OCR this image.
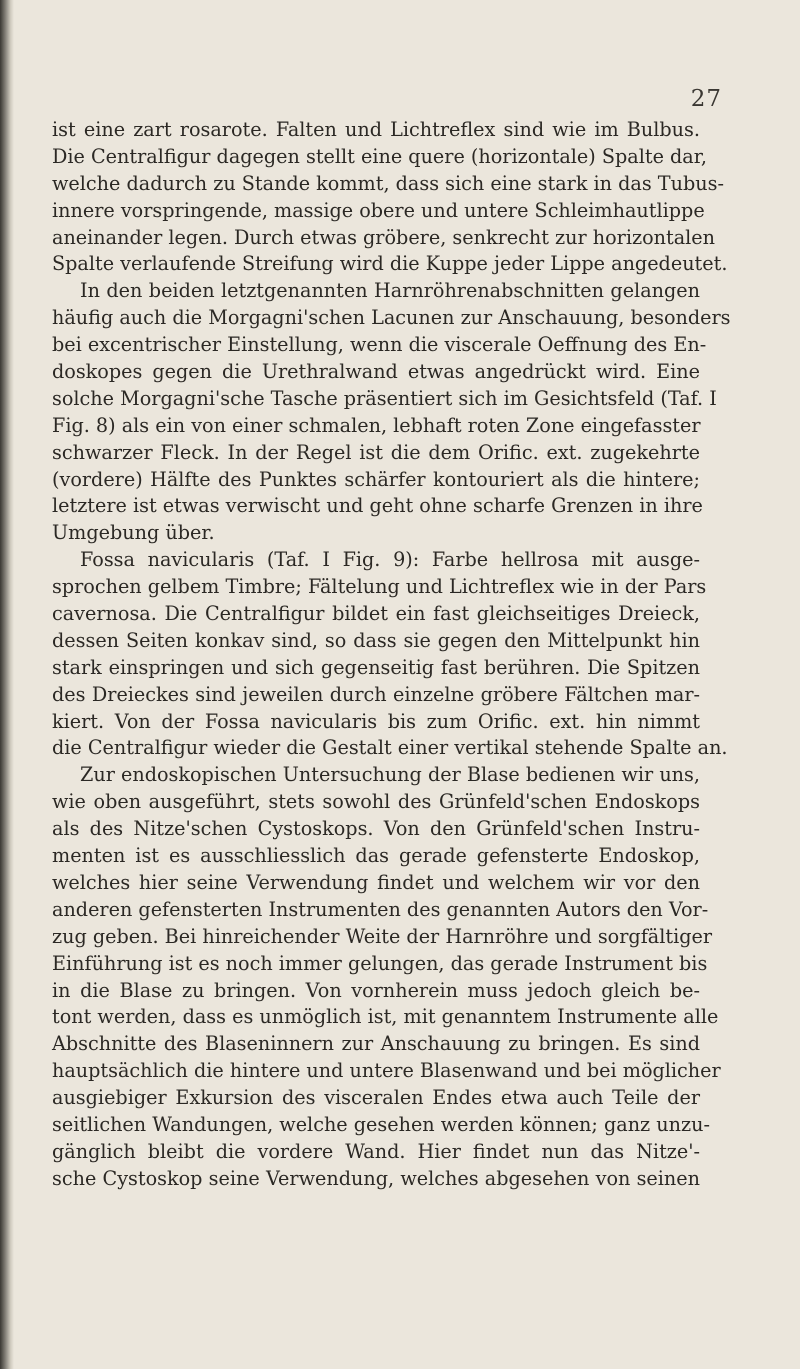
27
ist eine zart rosarote. Falten und Lichtreflex sind wie im Bulbus.
Die Centralfigur dagegen stellt eine quere (horizontale) Spalte dar,
welche dadurch zu Stande kommt, dass sich eine stark in das Tubus-
innere vorspringende, massige obere und untere Schleimhautlippe
aneinander legen. Durch etwas gröbere, senkrecht zur horizontalen
Spalte verlaufende Streifung wird die Kuppe jeder Lippe angedeutet.
In den beiden letztgenannten Harnröhrenabschnitten gelangen
häufig auch die Morgagni'schen Lacunen zur Anschauung, besonders
bei excentrischer Einstellung, wenn die viscerale Oeffnung des En-
doskopes gegen die Urethralwand etwas angedrückt wird. Eine
solche Morgagni'sche Tasche präsentiert sich im Gesichtsfeld (Taf. I
Fig. 8) als ein von einer schmalen, lebhaft roten Zone eingefasster
schwarzer Fleck. In der Regel ist die dem Orific. ext. zugekehrte
(vordere) Hälfte des Punktes schärfer kontouriert als die hintere;
letztere ist etwas verwischt und geht ohne scharfe Grenzen in ihre
Umgebung über.
Fossa navicularis (Taf. I Fig. 9): Farbe hellrosa mit ausge-
sprochen gelbem Timbre; Fältelung und Lichtreflex wie in der Pars
cavernosa. Die Centralfigur bildet ein fast gleichseitiges Dreieck,
dessen Seiten konkav sind, so dass sie gegen den Mittelpunkt hin
stark einspringen und sich gegenseitig fast berühren. Die Spitzen
des Dreieckes sind jeweilen durch einzelne gröbere Fältchen mar-
kiert. Von der Fossa navicularis bis zum Orific. ext. hin nimmt
die Centralfigur wieder die Gestalt einer vertikal stehende Spalte an.
Zur endoskopischen Untersuchung der Blase bedienen wir uns,
wie oben ausgeführt, stets sowohl des Grünfeld'schen Endoskops
als des Nitze'schen Cystoskops. Von den Grünfeld'schen Instru-
menten ist es ausschliesslich das gerade gefensterte Endoskop,
welches hier seine Verwendung findet und welchem wir vor den
anderen gefensterten Instrumenten des genannten Autors den Vor-
zug geben. Bei hinreichender Weite der Harnröhre und sorgfältiger
Einführung ist es noch immer gelungen, das gerade Instrument bis
in die Blase zu bringen. Von vornherein muss jedoch gleich be-
tont werden, dass es unmöglich ist, mit genanntem Instrumente alle
Abschnitte des Blaseninnern zur Anschauung zu bringen. Es sind
hauptsächlich die hintere und untere Blasenwand und bei möglicher
ausgiebiger Exkursion des visceralen Endes etwa auch Teile der
seitlichen Wandungen, welche gesehen werden können; ganz unzu-
gänglich bleibt die vordere Wand. Hier findet nun das Nitze'-
sche Cystoskop seine Verwendung, welches abgesehen von seinen
